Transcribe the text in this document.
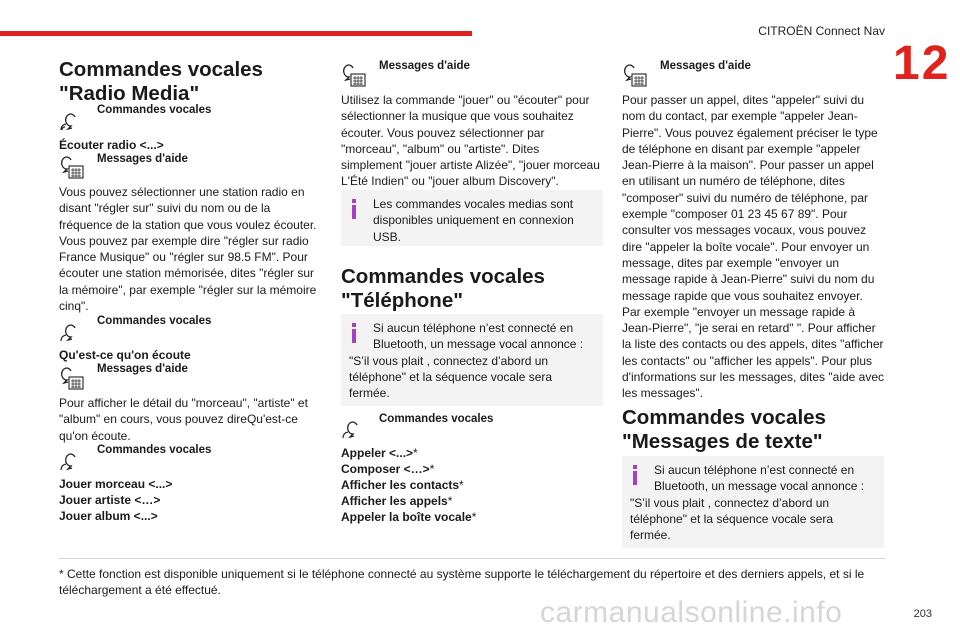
CITROËN Connect Nav
12
Commandes vocales "Radio Media"
Commandes vocales
Écouter radio <...>
Messages d'aide

Vous pouvez sélectionner une station radio en disant "régler sur" suivi du nom ou de la fréquence de la station que vous voulez écouter. Vous pouvez par exemple dire "régler sur radio France Musique" ou "régler sur 98.5 FM". Pour écouter une station mémorisée, dites "régler sur la mémoire", par exemple "régler sur la mémoire cinq".

Commandes vocales
Qu'est-ce qu'on écoute
Messages d'aide

Pour afficher le détail du "morceau", "artiste" et "album" en cours, vous pouvez direQu'est-ce qu'on écoute.

Commandes vocales
Jouer morceau <...>
Jouer artiste <…>
Jouer album <...>
Messages d'aide

Utilisez la commande "jouer" ou "écouter" pour sélectionner la musique que vous souhaitez écouter. Vous pouvez sélectionner par "morceau", "album" ou "artiste". Dites simplement "jouer artiste Alizée", "jouer morceau L'Été Indien" ou "jouer album Discovery".

Les commandes vocales medias sont disponibles uniquement en connexion USB.
Commandes vocales "Téléphone"
Si aucun téléphone n’est connecté en Bluetooth, un message vocal annonce :
"S’il vous plait , connectez d’abord un téléphone" et la séquence vocale sera fermée.
Commandes vocales
Appeler <...>*
Composer <…>*
Afficher les contacts*
Afficher les appels*
Appeler la boîte vocale*
Messages d'aide

Pour passer un appel, dites "appeler" suivi du nom du contact, par exemple "appeler Jean-Pierre". Vous pouvez également préciser le type de téléphone en disant par exemple "appeler Jean-Pierre à la maison". Pour passer un appel en utilisant un numéro de téléphone, dites "composer" suivi du numéro de téléphone, par exemple "composer 01 23 45 67 89". Pour consulter vos messages vocaux, vous pouvez dire "appeler la boîte vocale". Pour envoyer un message, dites par exemple "envoyer un message rapide à Jean-Pierre" suivi du nom du message rapide que vous souhaitez envoyer. Par exemple "envoyer un message rapide à Jean-Pierre", "je serai en retard" ". Pour afficher la liste des contacts ou des appels, dites "afficher les contacts" ou "afficher les appels". Pour plus d'informations sur les messages, dites "aide avec les messages".

Commandes vocales "Messages de texte"
Si aucun téléphone n’est connecté en Bluetooth, un message vocal annonce :
"S’il vous plait , connectez d’abord un téléphone" et la séquence vocale sera fermée.
* Cette fonction est disponible uniquement si le téléphone connecté au système supporte le téléchargement du répertoire et des derniers appels, et si le téléchargement a été effectué.
carmanualsonline.info	203
